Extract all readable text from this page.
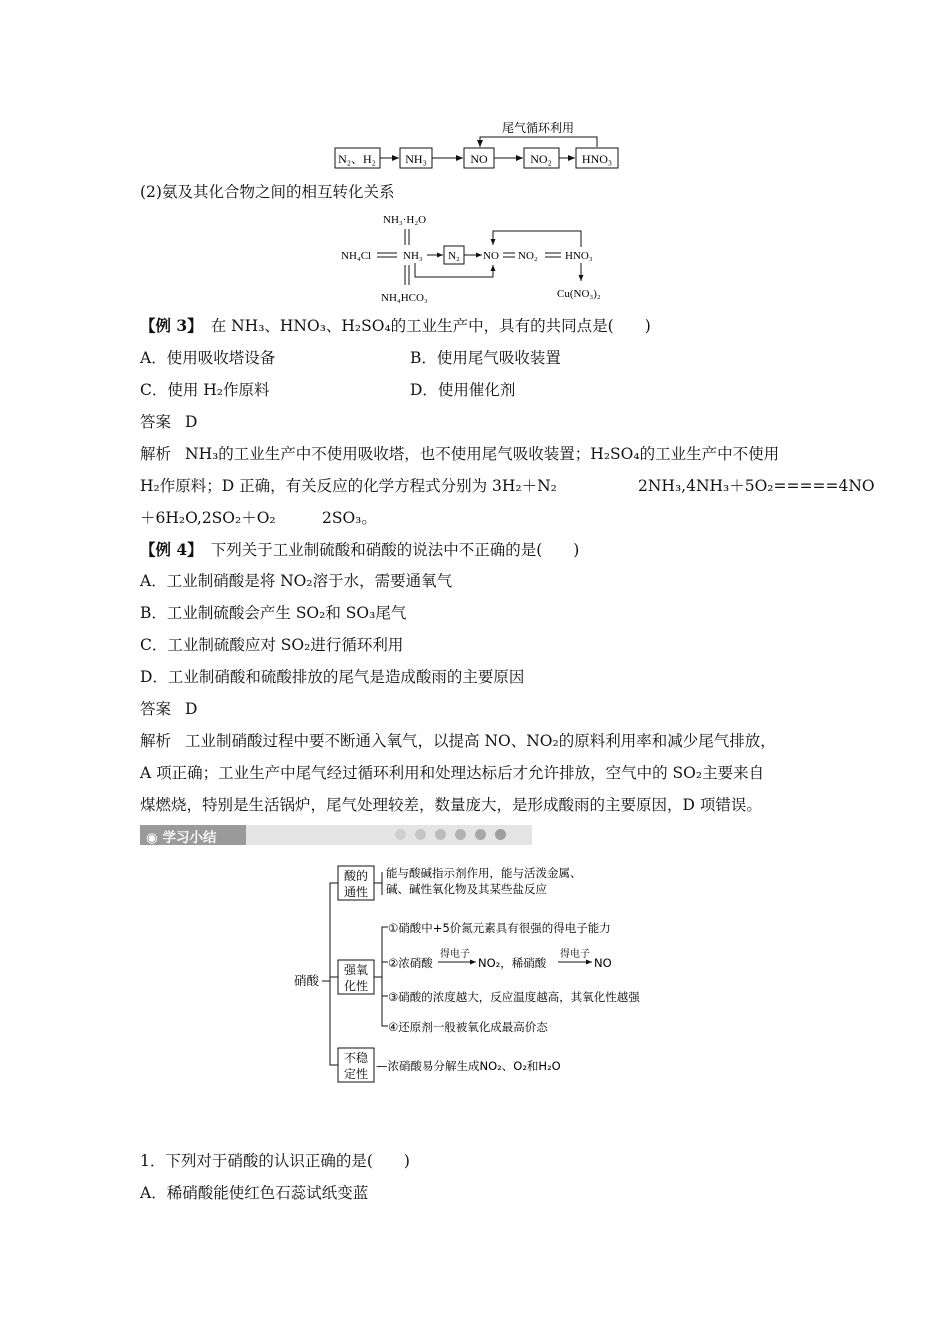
尾气循环利用
N₂、H₂ NH₃	NO	NO₂	HNO₃
(2)氨及其化合物之间的相互转化关系
NH₃·H₂O
NH₄Cl	NH₃ N₂ NO NO₂ HNO₃
Cu(NO₃)₂
NH₄HCO₃
【例 3】 在 NH₃、HNO₃、H₂SO₄的工业生产中，具有的共同点是(　　)
A．使用吸收塔设备	B．使用尾气吸收装置
C．使用 H₂作原料	D．使用催化剂
答案 D
解析 NH₃的工业生产中不使用吸收塔，也不使用尾气吸收装置；H₂SO₄的工业生产中不使用
H₂作原料；D 正确，有关反应的化学方程式分别为 3H₂＋N₂	2NH₃,4NH₃＋5O₂=====4NO
＋6H₂O,2SO₂＋O₂	2SO₃。
【例 4】 下列关于工业制硫酸和硝酸的说法中不正确的是(　　)
A．工业制硝酸是将 NO₂溶于水，需要通氧气
B．工业制硫酸会产生 SO₂和 SO₃尾气
C．工业制硫酸应对 SO₂进行循环利用
D．工业制硝酸和硫酸排放的尾气是造成酸雨的主要原因
答案 D
解析 工业制硝酸过程中要不断通入氧气，以提高 NO、NO₂的原料利用率和减少尾气排放，
A 项正确；工业生产中尾气经过循环利用和处理达标后才允许排放，空气中的 SO₂主要来自
煤燃烧，特别是生活锅炉，尾气处理较差，数量庞大，是形成酸雨的主要原因，D 项错误。
◉ 学习小结
硝酸
酸的
通性
能与酸碱指示剂作用，能与活泼金属、
碱、碱性氧化物及其某些盐反应
强氧
化性
①硝酸中+5价氮元素具有很强的得电子能力
②浓硝酸
得电子
NO₂，稀硝酸
得电子
NO
③硝酸的浓度越大，反应温度越高，其氧化性越强
④还原剂一般被氧化成最高价态
不稳
定性
—浓硝酸易分解生成NO₂、O₂和H₂O
1．下列对于硝酸的认识正确的是(　　)
A．稀硝酸能使红色石蕊试纸变蓝
